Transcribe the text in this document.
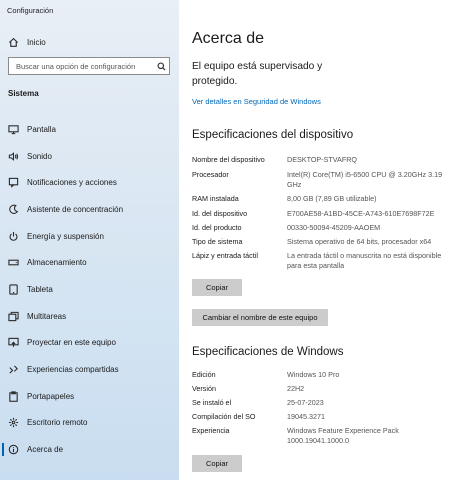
Configuración
Inicio
Buscar una opción de configuración
Sistema
Pantalla
Sonido
Notificaciones y acciones
Asistente de concentración
Energía y suspensión
Almacenamiento
Tableta
Multitareas
Proyectar en este equipo
Experiencias compartidas
Portapapeles
Escritorio remoto
Acerca de
Acerca de

El equipo está supervisado y protegido.

Ver detalles en Seguridad de Windows
Especificaciones del dispositivo
Nombre del dispositivo	DESKTOP-STVAFRQ
Procesador	Intel(R) Core(TM) i5-6500 CPU @ 3.20GHz 3.19 GHz
RAM instalada	8,00 GB (7,89 GB utilizable)
Id. del dispositivo	E700AE58-A1BD-45CE-A743-610E7698F72E
Id. del producto	00330-50094-45209-AAOEM
Tipo de sistema	Sistema operativo de 64 bits, procesador x64
Lápiz y entrada táctil	La entrada táctil o manuscrita no está disponible para esta pantalla
Copiar
Cambiar el nombre de este equipo
Especificaciones de Windows
Edición	Windows 10 Pro
Versión	22H2
Se instaló el	25-07-2023
Compilación del SO	19045.3271
Experiencia	Windows Feature Experience Pack 1000.19041.1000.0
Copiar
